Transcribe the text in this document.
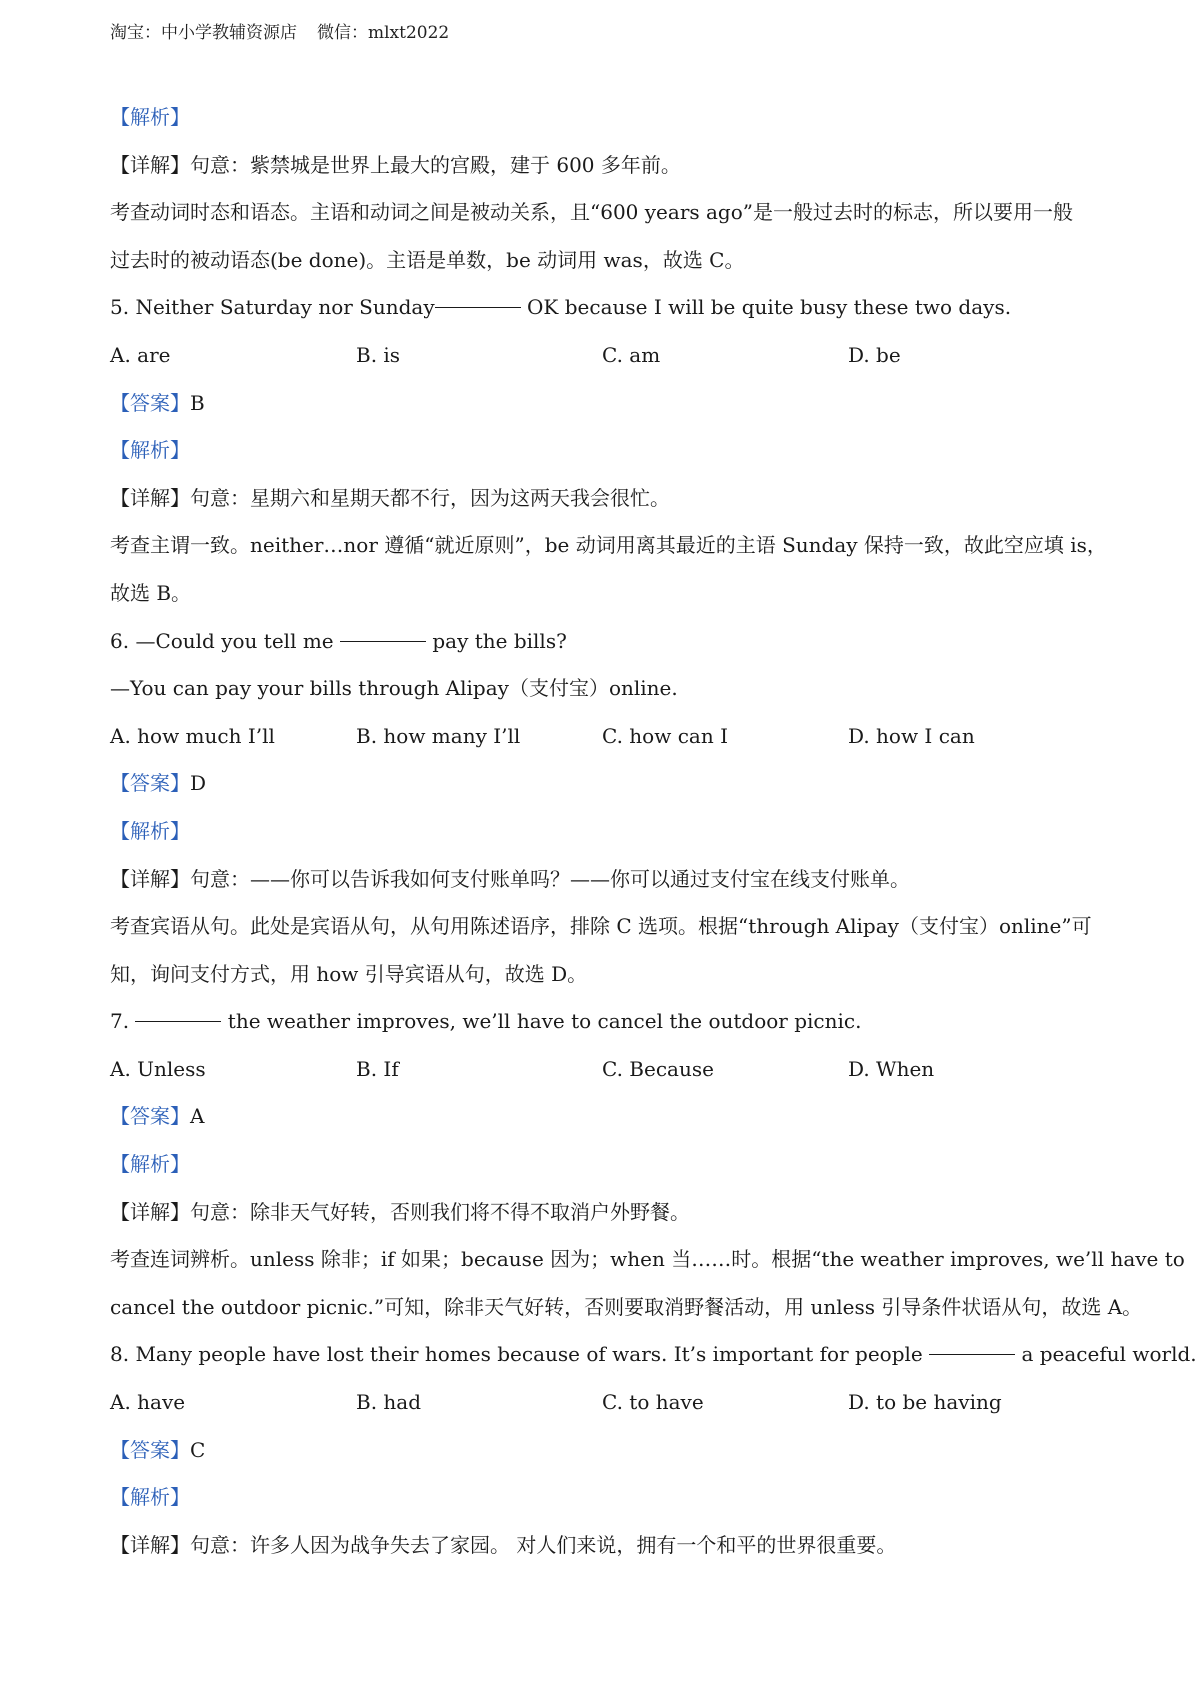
淘宝：中小学教辅资源店 微信：mlxt2022
【解析】
【详解】句意：紫禁城是世界上最大的宫殿，建于 600 多年前。
考查动词时态和语态。主语和动词之间是被动关系，且“600 years ago”是一般过去时的标志，所以要用一般
过去时的被动语态(be done)。主语是单数，be 动词用 was，故选 C。
5. Neither Saturday nor Sunday	OK because I will be quite busy these two days.
A. are	B. is	C. am	D. be
【答案】B
【解析】
【详解】句意：星期六和星期天都不行，因为这两天我会很忙。
考查主谓一致。neither…nor 遵循“就近原则”，be 动词用离其最近的主语 Sunday 保持一致，故此空应填 is，
故选 B。
6. —Could you tell me	pay the bills?
—You can pay your bills through Alipay（支付宝）online.
A. how much I’ll	B. how many I’ll	C. how can I	D. how I can
【答案】D
【解析】
【详解】句意：——你可以告诉我如何支付账单吗？——你可以通过支付宝在线支付账单。
考查宾语从句。此处是宾语从句，从句用陈述语序，排除 C 选项。根据“through Alipay（支付宝）online”可
知，询问支付方式，用 how 引导宾语从句，故选 D。
7.	the weather improves, we’ll have to cancel the outdoor picnic.
A. Unless	B. If	C. Because	D. When
【答案】A
【解析】
【详解】句意：除非天气好转，否则我们将不得不取消户外野餐。
考查连词辨析。unless 除非；if 如果；because 因为；when 当……时。根据“the weather improves, we’ll have to
cancel the outdoor picnic.”可知，除非天气好转，否则要取消野餐活动，用 unless 引导条件状语从句，故选 A。
8. Many people have lost their homes because of wars. It’s important for people	a peaceful world.
A. have	B. had	C. to have	D. to be having
【答案】C
【解析】
【详解】句意：许多人因为战争失去了家园。 对人们来说，拥有一个和平的世界很重要。
